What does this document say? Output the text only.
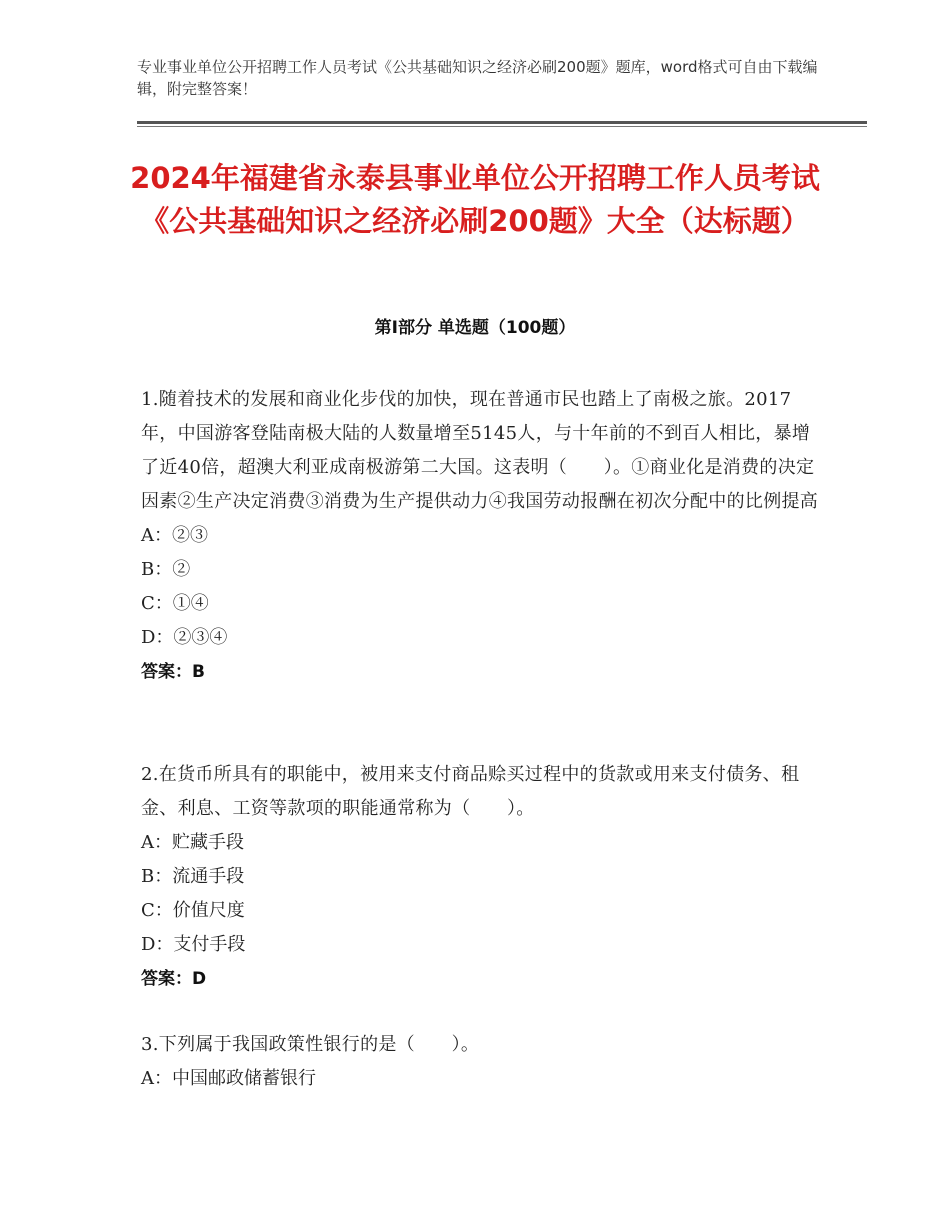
专业事业单位公开招聘工作人员考试《公共基础知识之经济必刷200题》题库，word格式可自由下载编辑，附完整答案！
2024年福建省永泰县事业单位公开招聘工作人员考试《公共基础知识之经济必刷200题》大全（达标题）
第Ⅰ部分 单选题（100题）
1.随着技术的发展和商业化步伐的加快，现在普通市民也踏上了南极之旅。2017年，中国游客登陆南极大陆的人数量增至5145人，与十年前的不到百人相比，暴增了近40倍，超澳大利亚成南极游第二大国。这表明（　　）。①商业化是消费的决定因素②生产决定消费③消费为生产提供动力④我国劳动报酬在初次分配中的比例提高
A：②③
B：②
C：①④
D：②③④
答案：B
2.在货币所具有的职能中，被用来支付商品赊买过程中的货款或用来支付债务、租金、利息、工资等款项的职能通常称为（　　）。
A：贮藏手段
B：流通手段
C：价值尺度
D：支付手段
答案：D
3.下列属于我国政策性银行的是（　　）。
A：中国邮政储蓄银行
